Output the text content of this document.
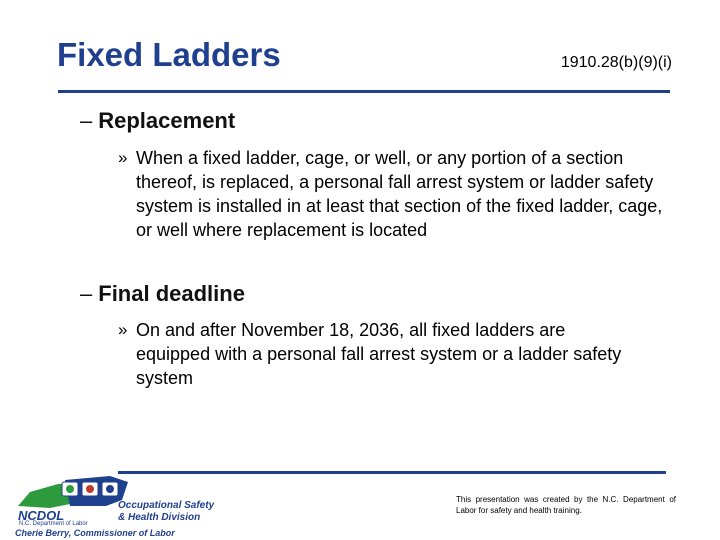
Fixed Ladders	1910.28(b)(9)(i)
– Replacement
» When a fixed ladder, cage, or well, or any portion of a section thereof, is replaced, a personal fall arrest system or ladder safety system is installed in at least that section of the fixed ladder, cage, or well where replacement is located
– Final deadline
» On and after November 18, 2036, all fixed ladders are equipped with a personal fall arrest system or a ladder safety system
NCDOL
N.C. Department of Labor
Occupational Safety
& Health Division
Cherie Berry, Commissioner of Labor
This presentation was created by the N.C. Department of Labor for safety and health training.
